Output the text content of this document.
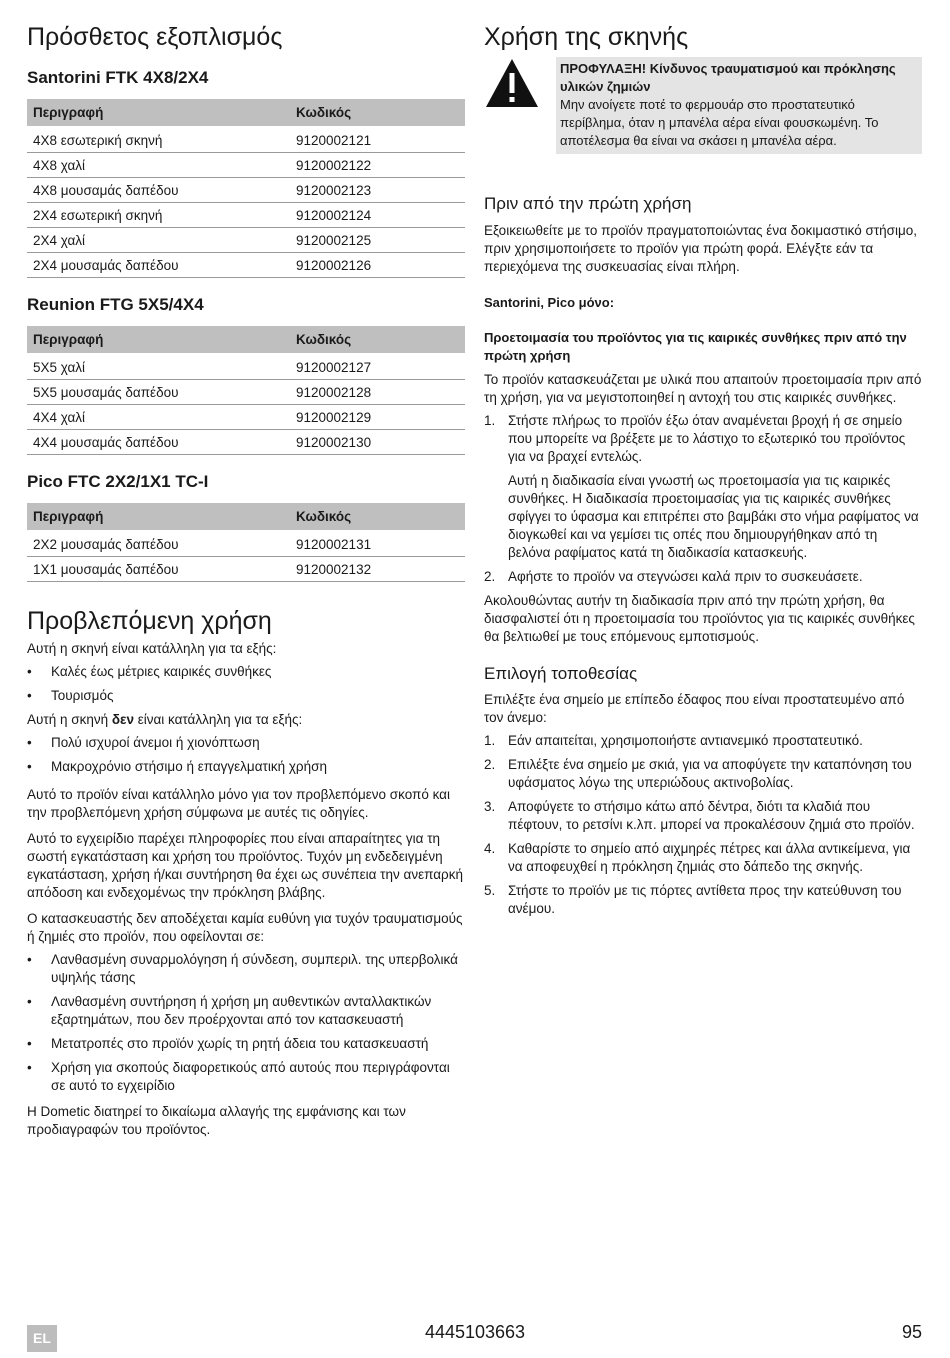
Πρόσθετος εξοπλισμός
Santorini FTK 4X8/2X4
Περιγραφή	Κωδικός
4X8 εσωτερική σκηνή	9120002121
4X8 χαλί	9120002122
4X8 μουσαμάς δαπέδου	9120002123
2X4 εσωτερική σκηνή	9120002124
2X4 χαλί	9120002125
2X4 μουσαμάς δαπέδου	9120002126
Reunion FTG 5X5/4X4
Περιγραφή	Κωδικός
5X5 χαλί	9120002127
5X5 μουσαμάς δαπέδου	9120002128
4X4 χαλί	9120002129
4X4 μουσαμάς δαπέδου	9120002130
Pico FTC 2X2/1X1 TC-I
Περιγραφή	Κωδικός
2X2 μουσαμάς δαπέδου	9120002131
1X1 μουσαμάς δαπέδου	9120002132
Προβλεπόμενη χρήση

Αυτή η σκηνή είναι κατάλληλη για τα εξής:

• Καλές έως μέτριες καιρικές συνθήκες
• Τουρισμός

Αυτή η σκηνή δεν είναι κατάλληλη για τα εξής:

• Πολύ ισχυροί άνεμοι ή χιονόπτωση
• Μακροχρόνιο στήσιμο ή επαγγελματική χρήση

Αυτό το προϊόν είναι κατάλληλο μόνο για τον προβλεπόμενο σκοπό και την προβλεπόμενη χρήση σύμφωνα με αυτές τις οδηγίες.

Αυτό το εγχειρίδιο παρέχει πληροφορίες που είναι απαραίτητες για τη σωστή εγκατάσταση και χρήση του προϊόντος. Τυχόν μη ενδεδειγμένη εγκατάσταση, χρήση ή/και συντήρηση θα έχει ως συνέπεια την ανεπαρκή απόδοση και ενδεχομένως την πρόκληση βλάβης.

Ο κατασκευαστής δεν αποδέχεται καμία ευθύνη για τυχόν τραυματισμούς ή ζημιές στο προϊόν, που οφείλονται σε:

• Λανθασμένη συναρμολόγηση ή σύνδεση, συμπεριλ. της υπερβολικά υψηλής τάσης
• Λανθασμένη συντήρηση ή χρήση μη αυθεντικών ανταλλακτικών εξαρτημάτων, που δεν προέρχονται από τον κατασκευαστή
• Μετατροπές στο προϊόν χωρίς τη ρητή άδεια του κατασκευαστή
• Χρήση για σκοπούς διαφορετικούς από αυτούς που περιγράφονται σε αυτό το εγχειρίδιο

Η Dometic διατηρεί το δικαίωμα αλλαγής της εμφάνισης και των προδιαγραφών του προϊόντος.

Χρήση της σκηνής

ΠΡΟΦΥΛΑΞΗ! Κίνδυνος τραυματισμού και πρόκλησης υλικών ζημιών

Μην ανοίγετε ποτέ το φερμουάρ στο προστατευτικό περίβλημα, όταν η μπανέλα αέρα είναι φουσκωμένη. Το αποτέλεσμα θα είναι να σκάσει η μπανέλα αέρα.

Πριν από την πρώτη χρήση

Εξοικειωθείτε με το προϊόν πραγματοποιώντας ένα δοκιμαστικό στήσιμο, πριν χρησιμοποιήσετε το προϊόν για πρώτη φορά. Ελέγξτε εάν τα περιεχόμενα της συσκευασίας είναι πλήρη.

Santorini, Pico μόνο:

Προετοιμασία του προϊόντος για τις καιρικές συνθήκες πριν από την πρώτη χρήση

Το προϊόν κατασκευάζεται με υλικά που απαιτούν προετοιμασία πριν από τη χρήση, για να μεγιστοποιηθεί η αντοχή του στις καιρικές συνθήκες.

1. Στήστε πλήρως το προϊόν έξω όταν αναμένεται βροχή ή σε σημείο που μπορείτε να βρέξετε με το λάστιχο το εξωτερικό του προϊόντος για να βραχεί εντελώς.
Αυτή η διαδικασία είναι γνωστή ως προετοιμασία για τις καιρικές συνθήκες. Η διαδικασία προετοιμασίας για τις καιρικές συνθήκες σφίγγει το ύφασμα και επιτρέπει στο βαμβάκι στο νήμα ραφίματος να διογκωθεί και να γεμίσει τις οπές που δημιουργήθηκαν από τη βελόνα ραφίματος κατά τη διαδικασία κατασκευής.
2. Αφήστε το προϊόν να στεγνώσει καλά πριν το συσκευάσετε.

Ακολουθώντας αυτήν τη διαδικασία πριν από την πρώτη χρήση, θα διασφαλιστεί ότι η προετοιμασία του προϊόντος για τις καιρικές συνθήκες θα βελτιωθεί με τους επόμενους εμποτισμούς.

Επιλογή τοποθεσίας

Επιλέξτε ένα σημείο με επίπεδο έδαφος που είναι προστατευμένο από τον άνεμο:

1. Εάν απαιτείται, χρησιμοποιήστε αντιανεμικό προστατευτικό.
2. Επιλέξτε ένα σημείο με σκιά, για να αποφύγετε την καταπόνηση του υφάσματος λόγω της υπεριώδους ακτινοβολίας.
3. Αποφύγετε το στήσιμο κάτω από δέντρα, διότι τα κλαδιά που πέφτουν, το ρετσίνι κ.λπ. μπορεί να προκαλέσουν ζημιά στο προϊόν.
4. Καθαρίστε το σημείο από αιχμηρές πέτρες και άλλα αντικείμενα, για να αποφευχθεί η πρόκληση ζημιάς στο δάπεδο της σκηνής.
5. Στήστε το προϊόν με τις πόρτες αντίθετα προς την κατεύθυνση του ανέμου.
EL	4445103663	95
